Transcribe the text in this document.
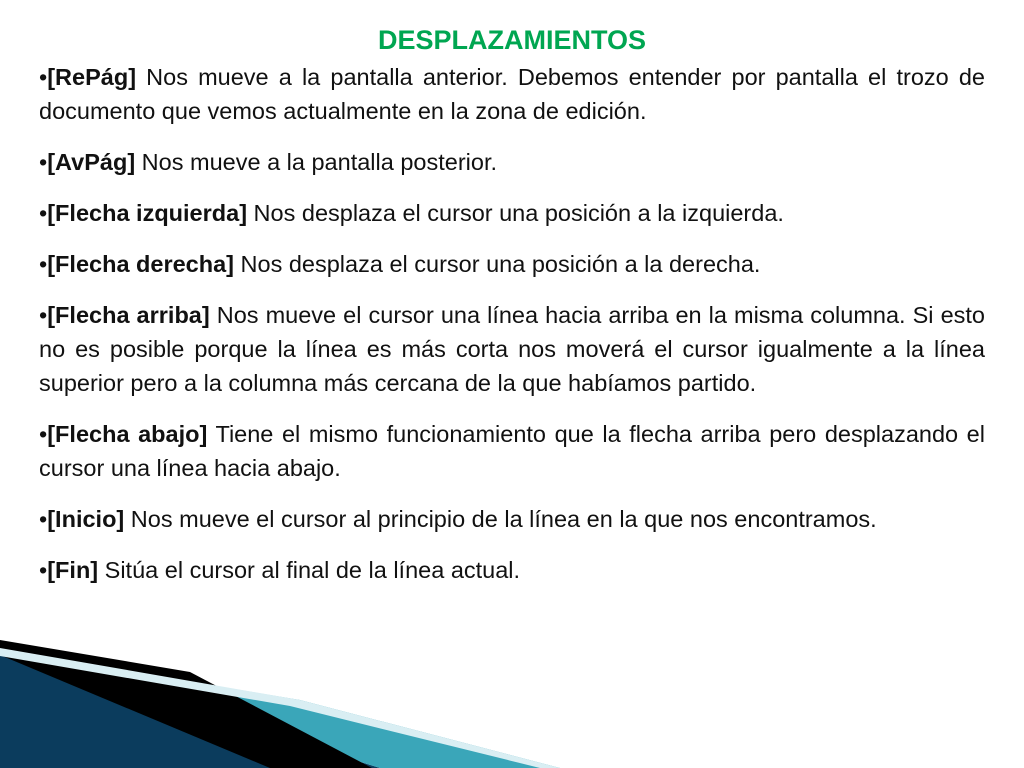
DESPLAZAMIENTOS

•[RePág] Nos mueve a la pantalla anterior. Debemos entender por pantalla el trozo de documento que vemos actualmente en la zona de edición.

•[AvPág] Nos mueve a la pantalla posterior.

•[Flecha izquierda] Nos desplaza el cursor una posición a la izquierda.

•[Flecha derecha] Nos desplaza el cursor una posición a la derecha.

•[Flecha arriba] Nos mueve el cursor una línea hacia arriba en la misma columna. Si esto no es posible porque la línea es más corta nos moverá el cursor igualmente a la línea superior pero a la columna más cercana de la que habíamos partido.

•[Flecha abajo] Tiene el mismo funcionamiento que la flecha arriba pero desplazando el cursor una línea hacia abajo.

•[Inicio] Nos mueve el cursor al principio de la línea en la que nos encontramos.

•[Fin] Sitúa el cursor al final de la línea actual.
